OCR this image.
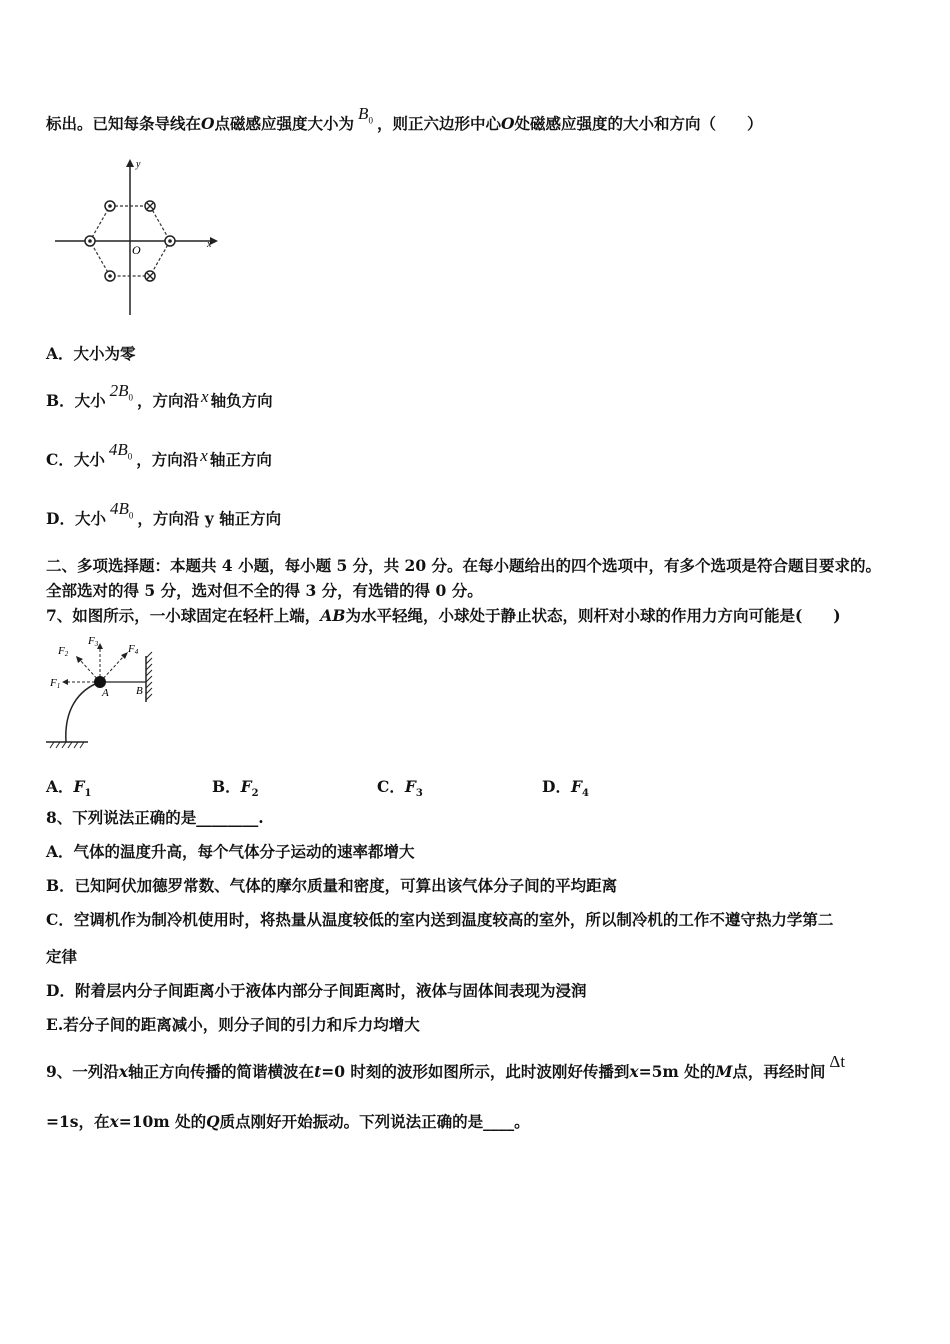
标出。已知每条导线在O点磁感应强度大小为$B_0$ ，则正六边形中心O处磁感应强度的大小和方向（　　）
y
x
O
A．大小为零
B．大小$2B_0$ ，方向沿 x 轴负方向
C．大小$4B_0$ ，方向沿 x 轴正方向
D．大小$4B_0$ ，方向沿 y 轴正方向
二、多项选择题：本题共 4 小题，每小题 5 分，共 20 分。在每小题给出的四个选项中，有多个选项是符合题目要求的。
全部选对的得 5 分，选对但不全的得 3 分，有选错的得 0 分。
7、如图所示，一小球固定在轻杆上端，AB为水平轻绳，小球处于静止状态，则杆对小球的作用力方向可能是(　　)
F1
F2
F3	F4
A B
A．$F_1$	B．$F_2$	C．$F_3$	D．$F_4$
8、下列说法正确的是________.
A．气体的温度升高，每个气体分子运动的速率都增大
B．已知阿伏加德罗常数、气体的摩尔质量和密度，可算出该气体分子间的平均距离
C．空调机作为制冷机使用时，将热量从温度较低的室内送到温度较高的室外，所以制冷机的工作不遵守热力学第二
定律
D．附着层内分子间距离小于液体内部分子间距离时，液体与固体间表现为浸润
E.若分子间的距离减小，则分子间的引力和斥力均增大
9、一列沿x轴正方向传播的简谐横波在t=0 时刻的波形如图所示，此时波刚好传播到x=5m 处的M点，再经时间Δt
=1s，在x=10m 处的Q质点刚好开始振动。下列说法正确的是____。
